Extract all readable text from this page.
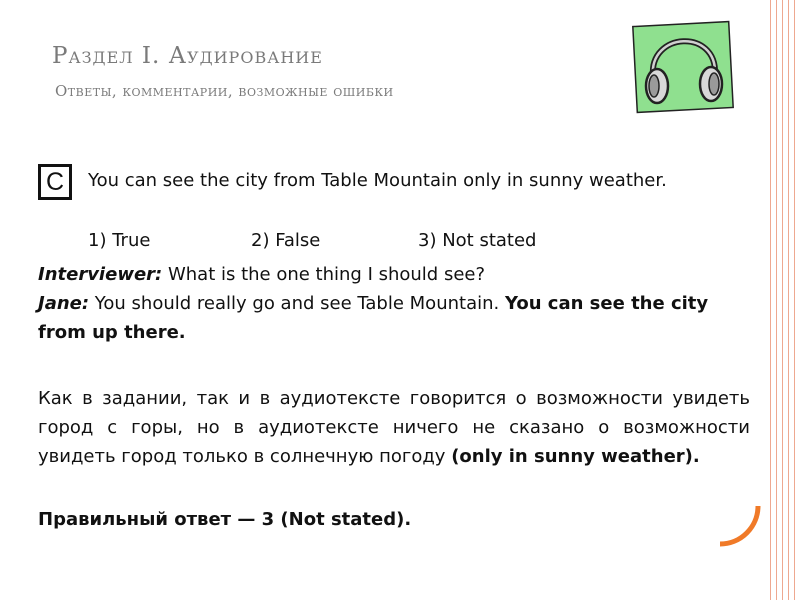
Раздел I. Аудирование
Ответы, комментарии, возможные ошибки
C	You can see the city from Table Mountain only in sunny weather.
1) True	2) False	3) Not stated
Interviewer: What is the one thing I should see?
Jane: You should really go and see Table Mountain. You can see the city from up there.
Как в задании, так и в аудиотексте говорится о возможности увидеть город с горы, но в аудиотексте ничего не сказано о возможности увидеть город только в солнечную погоду (only in sunny weather).
Правильный ответ — 3 (Not stated).
